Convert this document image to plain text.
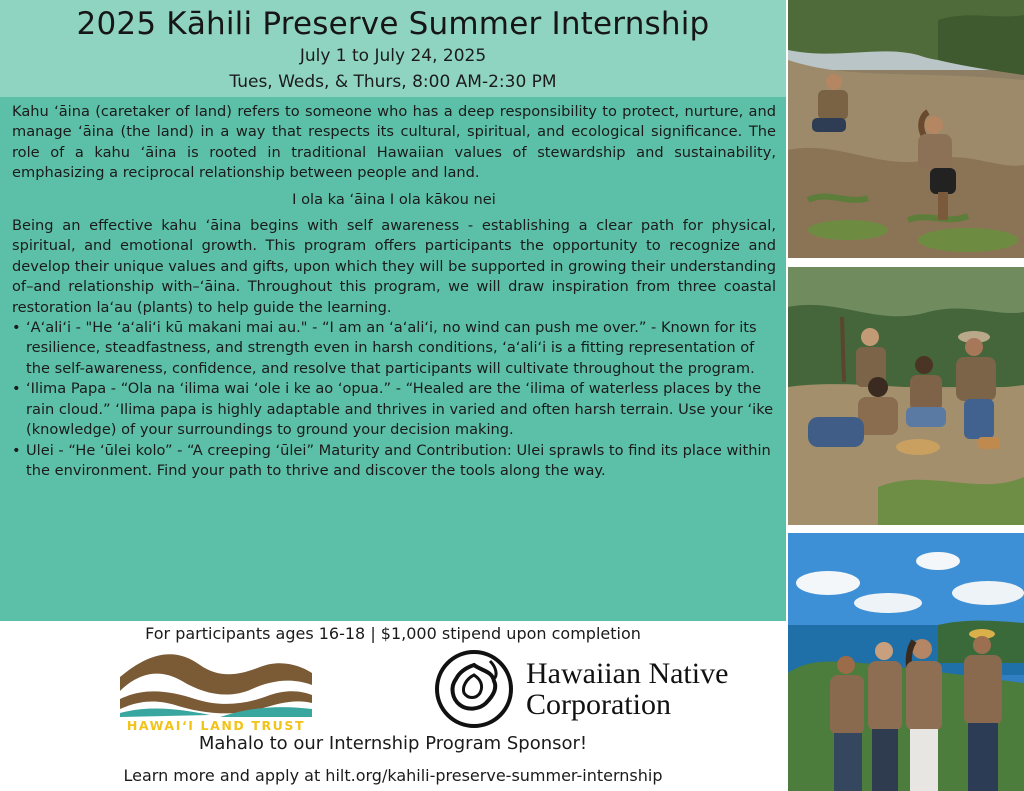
2025 Kāhili Preserve Summer Internship
July 1 to July 24, 2025
Tues, Weds, & Thurs, 8:00 AM-2:30 PM

Kahu ʻāina (caretaker of land) refers to someone who has a deep responsibility to protect, nurture, and manage ʻāina (the land) in a way that respects its cultural, spiritual, and ecological significance. The role of a kahu ʻāina is rooted in traditional Hawaiian values of stewardship and sustainability, emphasizing a reciprocal relationship between people and land.

I ola ka ʻāina I ola kākou nei

Being an effective kahu ʻāina begins with self awareness - establishing a clear path for physical, spiritual, and emotional growth. This program offers participants the opportunity to recognize and develop their unique values and gifts, upon which they will be supported in growing their understanding of–and relationship with–ʻāina. Throughout this program, we will draw inspiration from three coastal restoration laʻau (plants) to help guide the learning.

• ʻAʻaliʻi - "He ʻaʻaliʻi kū makani mai au." - “I am an ʻaʻaliʻi, no wind can push me over.” - Known for its resilience, steadfastness, and strength even in harsh conditions, ʻaʻaliʻi is a fitting representation of the self-awareness, confidence, and resolve that participants will cultivate throughout the program.
• ʻIlima Papa - “Ola na ʻilima wai ʻole i ke ao ʻopua.” - “Healed are the ʻilima of waterless places by the rain cloud.” ʻIlima papa is highly adaptable and thrives in varied and often harsh terrain. Use your ʻike (knowledge) of your surroundings to ground your decision making.
• Ulei - “He ʻūlei kolo” - “A creeping ʻūlei” Maturity and Contribution: Ulei sprawls to find its place within the environment. Find your path to thrive and discover the tools along the way.
For participants ages 16-18 | $1,000 stipend upon completion
HAWAIʻI LAND TRUST
Hawaiian Native
Corporation
Mahalo to our Internship Program Sponsor!
Learn more and apply at hilt.org/kahili-preserve-summer-internship
